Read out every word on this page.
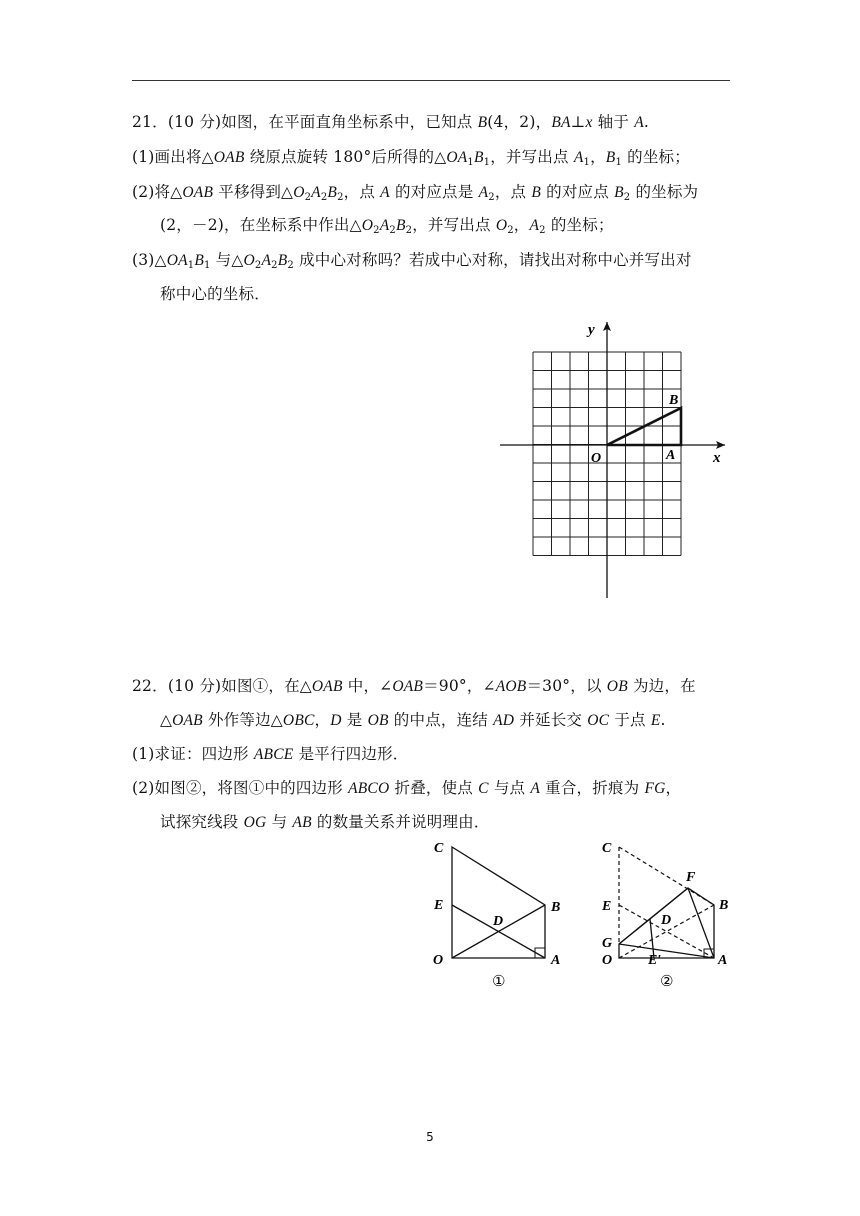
21．(10 分)如图，在平面直角坐标系中，已知点 B(4，2)，BA⊥x 轴于 A.
(1)画出将△OAB 绕原点旋转 180°后所得的$\triangle OA_1B_1$，并写出点 $A_1$，$B_1$ 的坐标；
(2)将△OAB 平移得到$\triangle O_2A_2B_2$，点 A 的对应点是 $A_2$，点 B 的对应点 $B_2$ 的坐标为
(2，－2)，在坐标系中作出$\triangle O_2A_2B_2$，并写出点 $O_2$，$A_2$ 的坐标；
$(3)\triangle OA_1B_1$ 与$\triangle O_2A_2B_2$ 成中心对称吗？若成中心对称，请找出对称中心并写出对
称中心的坐标．
y
x
O	A
B
22．(10 分)如图①，在△OAB 中，∠OAB＝90°，∠AOB＝30°，以 OB 为边，在
△OAB 外作等边△OBC，D 是 OB 的中点，连结 AD 并延长交 OC 于点 E.
(1)求证：四边形 ABCE 是平行四边形．
(2)如图②，将图①中的四边形 ABCO 折叠，使点 C 与点 A 重合，折痕为 FG，
试探究线段 OG 与 AB 的数量关系并说明理由．
C
E
D
B
O	A
①
C
F
E
D
B
G
O	E′	A
②
5
